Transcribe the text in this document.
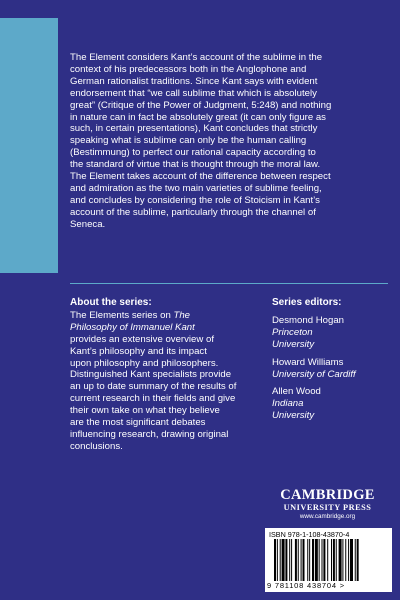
The Element considers Kant’s account of the sublime in the

context of his predecessors both in the Anglophone and

German rationalist traditions. Since Kant says with evident

endorsement that “we call sublime that which is absolutely

great” (Critique of the Power of Judgment, 5:248) and nothing

in nature can in fact be absolutely great (it can only figure as

such, in certain presentations), Kant concludes that strictly

speaking what is sublime can only be the human calling

(Bestimmung) to perfect our rational capacity according to

the standard of virtue that is thought through the moral law.

The Element takes account of the difference between respect

and admiration as the two main varieties of sublime feeling,

and concludes by considering the role of Stoicism in Kant’s

account of the sublime, particularly through the channel of

Seneca.

About the series:

The Elements series on The

Philosophy of Immanuel Kant

provides an extensive overview of

Kant’s philosophy and its impact

upon philosophy and philosophers.

Distinguished Kant specialists provide

an up to date summary of the results of

current research in their fields and give

their own take on what they believe

are the most significant debates

influencing research, drawing original

conclusions.

Series editors:
Desmond Hogan
Princeton
University
Howard Williams
University of Cardiff
Allen Wood
Indiana
University
CAMBRIDGE
UNIVERSITY PRESS
www.cambridge.org
ISBN 978-1-108-43870-4
9 781108 438704 >
